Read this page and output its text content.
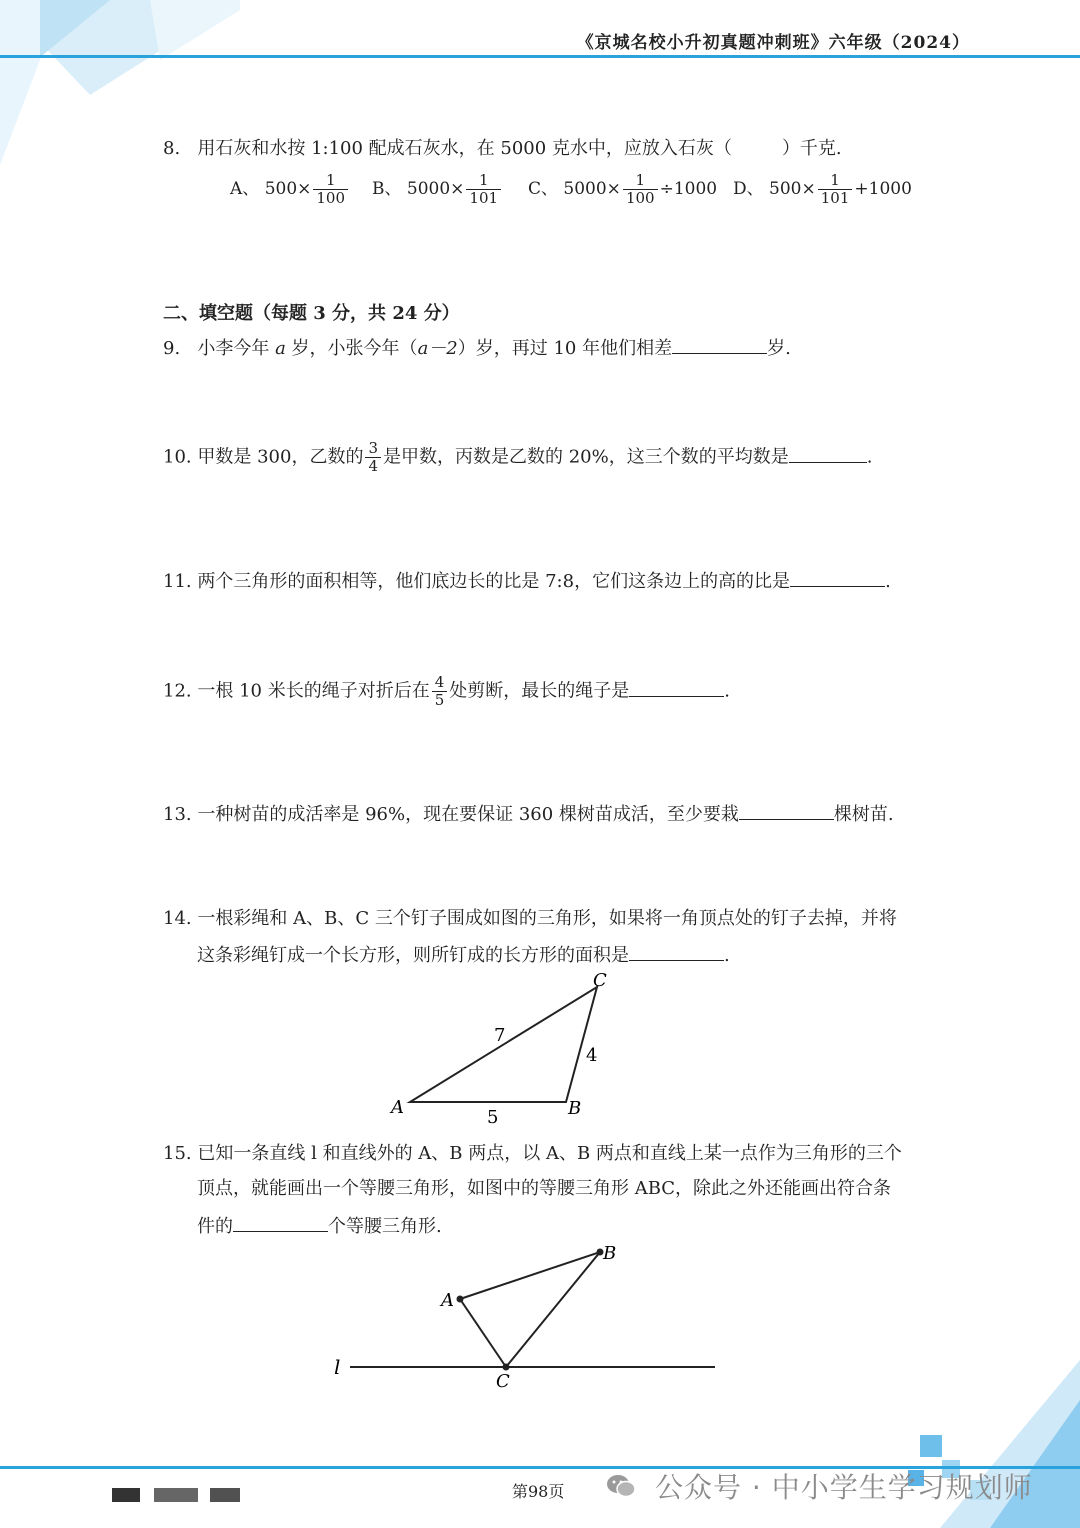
《京城名校小升初真题冲刺班》六年级（2024）
8. 用石灰和水按 1:100 配成石灰水，在 5000 克水中，应放入石灰（	）千克.
A、 $500\times \frac{1}{100}$ B、 $5000\times \frac{1}{101}$ C、 $5000\times \frac{1}{100} \div 1000$ D、 $500\times \frac{1}{101} +1000$
二、填空题（每题 3 分，共 24 分）
9. 小李今年 a 岁，小张今年（a－2）岁，再过 10 年他们相差	岁.
10. 甲数是 300，乙数的 $\frac{3}{4}$ 是甲数，丙数是乙数的 20%，这三个数的平均数是	.
11. 两个三角形的面积相等，他们底边长的比是 7:8，它们这条边上的高的比是	.
12. 一根 10 米长的绳子对折后在 $\frac{4}{5}$ 处剪断，最长的绳子是	.
13. 一种树苗的成活率是 96%，现在要保证 360 棵树苗成活，至少要栽	棵树苗.
14. 一根彩绳和 A、B、C 三个钉子围成如图的三角形，如果将一角顶点处的钉子去掉，并将
这条彩绳钉成一个长方形，则所钉成的长方形的面积是	.
A	B
C
7
4
5
15. 已知一条直线 l 和直线外的 A、B 两点，以 A、B 两点和直线上某一点作为三角形的三个
顶点，就能画出一个等腰三角形，如图中的等腰三角形 ABC，除此之外还能画出符合条
件的	个等腰三角形.
l
A
B
C
第98页	公众号 · 中小学生学习规划师
